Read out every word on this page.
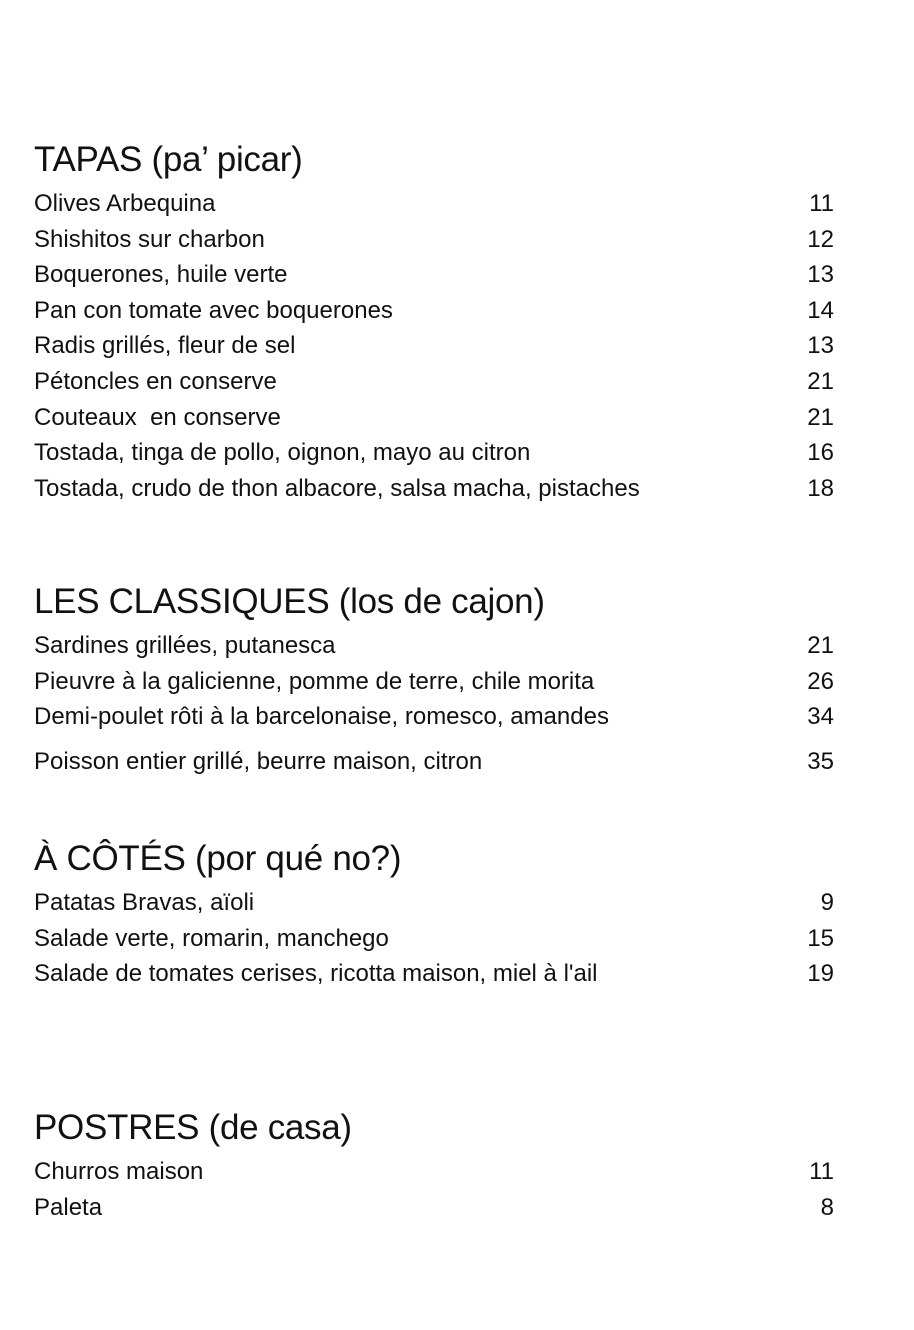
TAPAS (pa’ picar)
Olives Arbequina	11
Shishitos sur charbon	12
Boquerones, huile verte	13
Pan con tomate avec boquerones	14
Radis grillés, fleur de sel	13
Pétoncles en conserve	21
Couteaux  en conserve	21
Tostada, tinga de pollo, oignon, mayo au citron	16
Tostada, crudo de thon albacore, salsa macha, pistaches	18
LES CLASSIQUES (los de cajon)
Sardines grillées, putanesca	21
Pieuvre à la galicienne, pomme de terre, chile morita	26
Demi-poulet rôti à la barcelonaise, romesco, amandes	34
Poisson entier grillé, beurre maison, citron	35
À CÔTÉS (por qué no?)
Patatas Bravas, aïoli	9
Salade verte, romarin, manchego	15
Salade de tomates cerises, ricotta maison, miel à l'ail	19
POSTRES (de casa)
Churros maison	11
Paleta	8
